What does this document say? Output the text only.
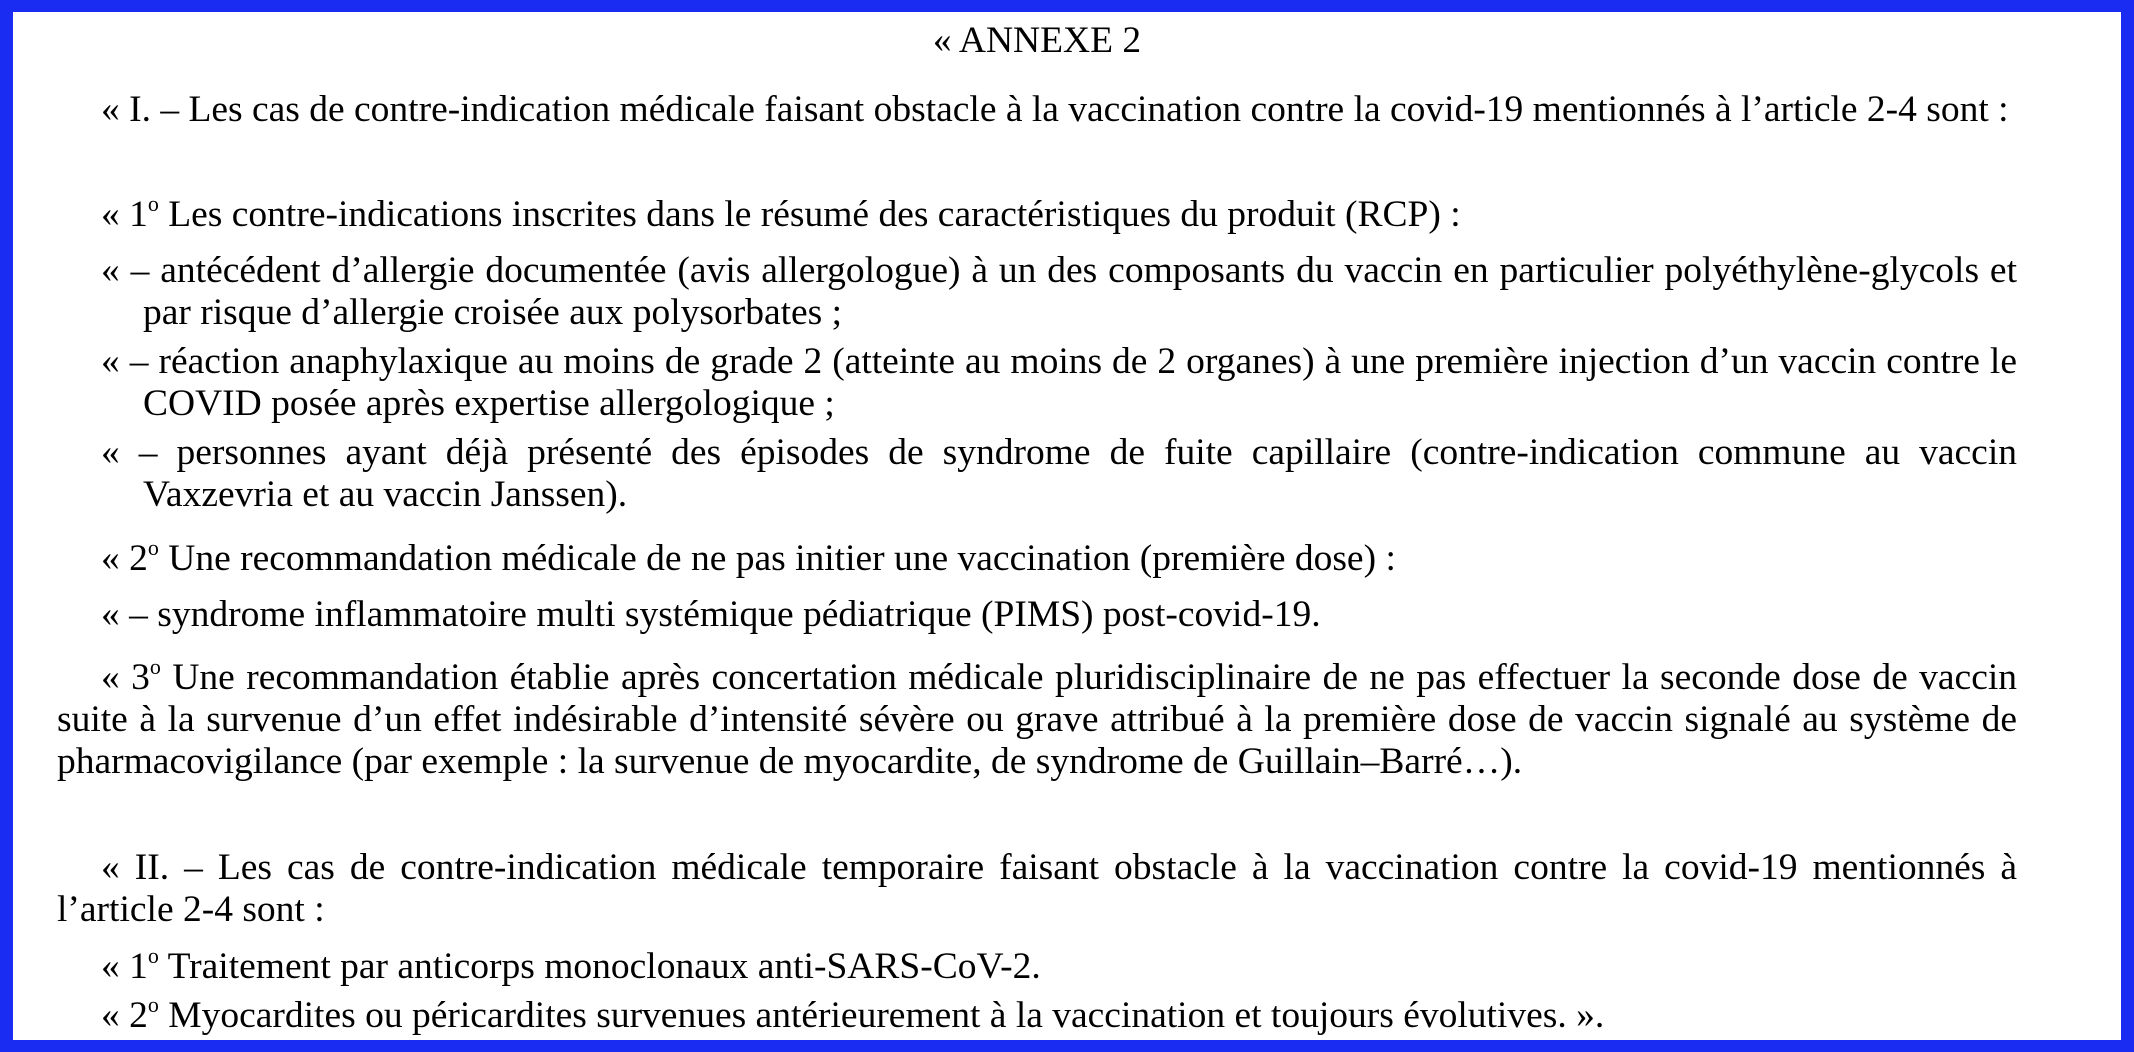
« ANNEXE 2
« I. – Les cas de contre-indication médicale faisant obstacle à la vaccination contre la covid-19 mentionnés à l’article 2-4 sont :
« 1$^o$ Les contre-indications inscrites dans le résumé des caractéristiques du produit (RCP) :
« – antécédent d’allergie documentée (avis allergologue) à un des composants du vaccin en particulier polyéthylène-glycols et par risque d’allergie croisée aux polysorbates ;
« – réaction anaphylaxique au moins de grade 2 (atteinte au moins de 2 organes) à une première injection d’un vaccin contre le COVID posée après expertise allergologique ;
« – personnes ayant déjà présenté des épisodes de syndrome de fuite capillaire (contre-indication commune au vaccin Vaxzevria et au vaccin Janssen).
« 2$^o$ Une recommandation médicale de ne pas initier une vaccination (première dose) :
« – syndrome inflammatoire multi systémique pédiatrique (PIMS) post-covid-19.
« 3$^o$ Une recommandation établie après concertation médicale pluridisciplinaire de ne pas effectuer la seconde dose de vaccin suite à la survenue d’un effet indésirable d’intensité sévère ou grave attribué à la première dose de vaccin signalé au système de pharmacovigilance (par exemple : la survenue de myocardite, de syndrome de Guillain–Barré…).
« II. – Les cas de contre-indication médicale temporaire faisant obstacle à la vaccination contre la covid-19 mentionnés à l’article 2-4 sont :
« 1$^o$ Traitement par anticorps monoclonaux anti-SARS-CoV-2.
« 2$^o$ Myocardites ou péricardites survenues antérieurement à la vaccination et toujours évolutives. ».
